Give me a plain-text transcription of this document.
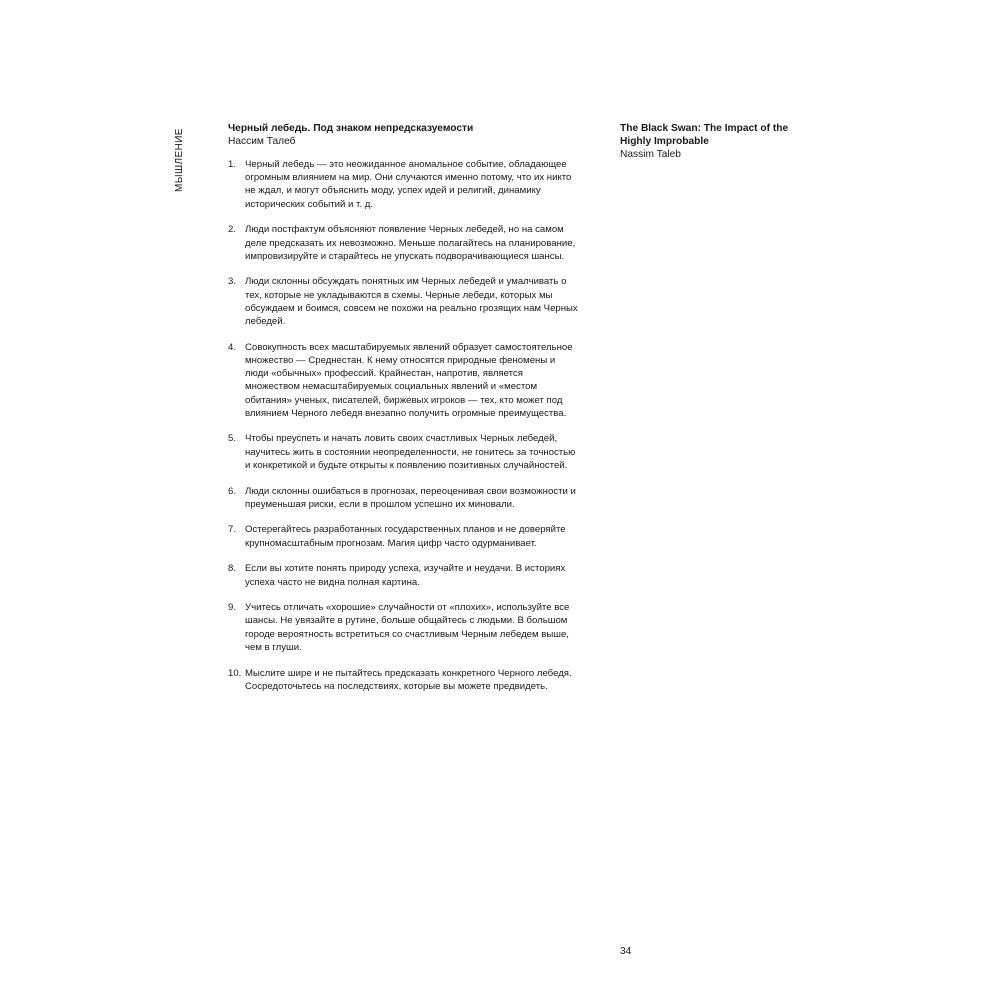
МЫШЛЕНИЕ	Черный лебедь. Под знаком непредсказуемости

Нассим Талеб

1. Черный лебедь — это неожиданное аномальное событие, обладающее огромным влиянием на мир. Они случаются именно потому, что их никто не ждал, и могут объяснить моду, успех идей и религий, динамику исторических событий и т. д.
2. Люди постфактум объясняют появление Черных лебедей, но на самом деле предсказать их невозможно. Меньше полагайтесь на планирование, импровизируйте и старайтесь не упускать подворачивающиеся шансы.
3. Люди склонны обсуждать понятных им Черных лебедей и умалчивать о тех, которые не укладываются в схемы. Черные лебеди, которых мы обсуждаем и боимся, совсем не похожи на реально грозящих нам Черных лебедей.
4. Совокупность всех масштабируемых явлений образует самостоятельное множество — Среднестан. К нему относятся природные феномены и люди «обычных» профессий. Крайнестан, напротив, является множеством немасштабируемых социальных явлений и «местом обитания» ученых, писателей, биржевых игроков — тех, кто может под влиянием Черного лебедя внезапно получить огромные преимущества.
5. Чтобы преуспеть и начать ловить своих счастливых Черных лебедей, научитесь жить в состоянии неопределенности, не гонитесь за точностью и конкретикой и будьте открыты к появлению позитивных случайностей.
6. Люди склонны ошибаться в прогнозах, переоценивая свои возможности и преуменьшая риски, если в прошлом успешно их миновали.
7. Остерегайтесь разработанных государственных планов и не доверяйте крупномасштабным прогнозам. Магия цифр часто одурманивает.
8. Если вы хотите понять природу успеха, изучайте и неудачи. В историях успеха часто не видна полная картина.
9. Учитесь отличать «хорошие» случайности от «плохих», используйте все шансы. Не увязайте в рутине, больше общайтесь с людьми. В большом городе вероятность встретиться со счастливым Черным лебедем выше, чем в глуши.
10. Мыслите шире и не пытайтесь предсказать конкретного Черного лебедя. Сосредоточьтесь на последствиях, которые вы можете предвидеть.

The Black Swan: The Impact of the Highly Improbable

Nassim Taleb

34
